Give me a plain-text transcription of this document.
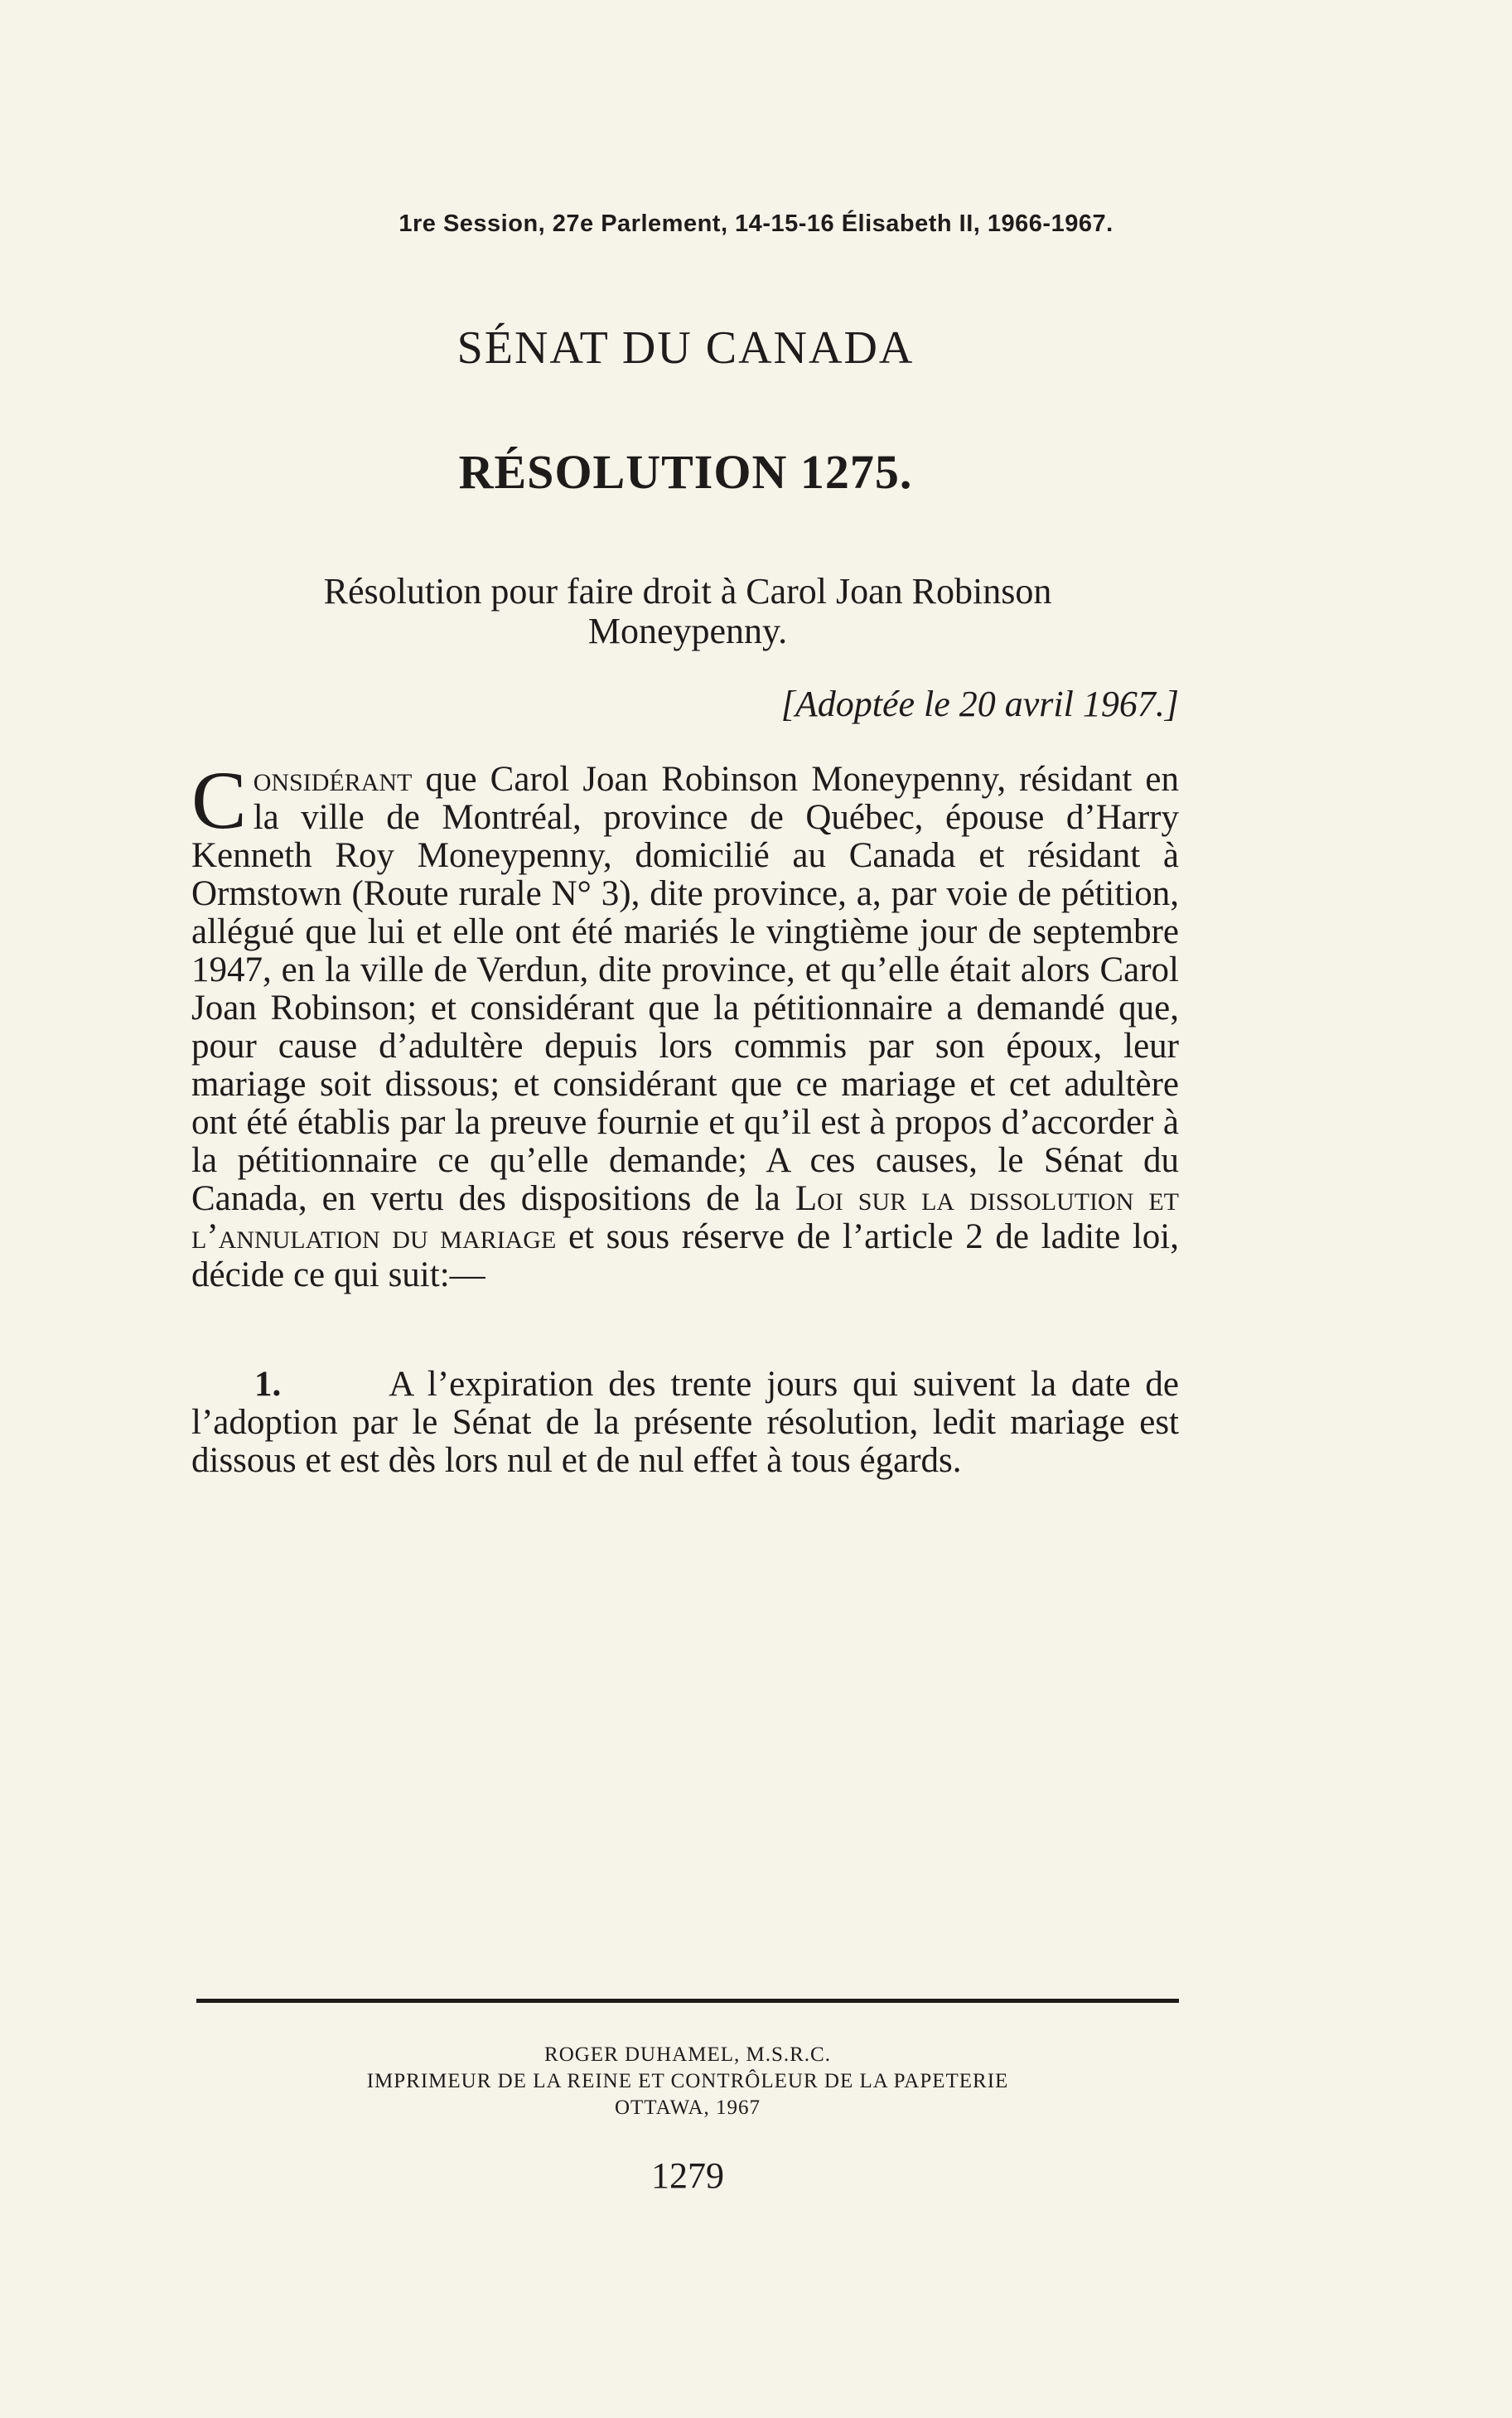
1re Session, 27e Parlement, 14-15-16 Élisabeth II, 1966-1967.
SÉNAT DU CANADA
RÉSOLUTION 1275.
Résolution pour faire droit à Carol Joan Robinson Moneypenny.
[Adoptée le 20 avril 1967.]
Considérant que Carol Joan Robinson Moneypenny, résidant en la ville de Montréal, province de Québec, épouse d’Harry Kenneth Roy Moneypenny, domicilié au Canada et résidant à Ormstown (Route rurale N° 3), dite province, a, par voie de pétition, allégué que lui et elle ont été mariés le vingtième jour de septembre 1947, en la ville de Verdun, dite province, et qu’elle était alors Carol Joan Robinson; et considérant que la pétitionnaire a demandé que, pour cause d’adultère depuis lors commis par son époux, leur mariage soit dissous; et considérant que ce mariage et cet adultère ont été établis par la preuve fournie et qu’il est à propos d’accorder à la pétitionnaire ce qu’elle demande; A ces causes, le Sénat du Canada, en vertu des dispositions de la Loi sur la dissolution et l’annulation du mariage et sous réserve de l’article 2 de ladite loi, décide ce qui suit:—
1.	A l’expiration des trente jours qui suivent la date de l’adoption par le Sénat de la présente résolution, ledit mariage est dissous et est dès lors nul et de nul effet à tous égards.
ROGER DUHAMEL, M.S.R.C.
IMPRIMEUR DE LA REINE ET CONTRÔLEUR DE LA PAPETERIE
OTTAWA, 1967
1279
